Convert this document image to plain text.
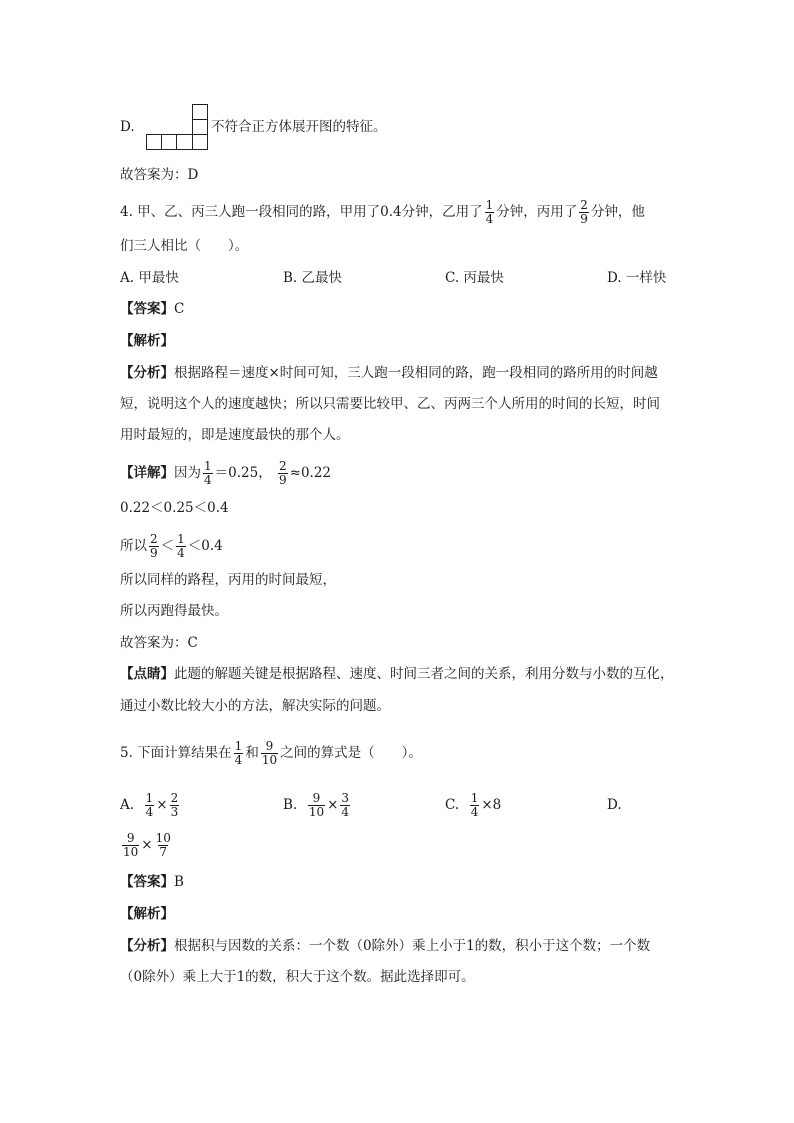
D.	不符合正方体展开图的特征。
故答案为：D
4. 甲、乙、丙三人跑一段相同的路，甲用了0.4分钟，乙用了 $\frac{1}{4}$ 分钟，丙用了 $\frac{2}{9}$ 分钟，他
们三人相比（　　）。
A. 甲最快	B. 乙最快	C. 丙最快	D. 一样快
【答案】C
【解析】
【分析】根据路程＝速度×时间可知，三人跑一段相同的路，跑一段相同的路所用的时间越
短，说明这个人的速度越快；所以只需要比较甲、乙、丙两三个人所用的时间的长短，时间
用时最短的，即是速度最快的那个人。
【详解】因为 $\frac{1}{4} =0.25$， $\frac{2}{9} \approx 0.22$
0.22＜0.25＜0.4
所以 $\frac{2}{9} < \frac{1}{4} <0.4$
所以同样的路程，丙用的时间最短，
所以丙跑得最快。
故答案为：C
【点睛】此题的解题关键是根据路程、速度、时间三者之间的关系，利用分数与小数的互化，
通过小数比较大小的方法，解决实际的问题。
5. 下面计算结果在 $\frac{1}{4}$ 和 $\frac{9}{10}$ 之间的算式是（　　）。
A. $\frac{1}{4} \times \frac{2}{3}$	B. $\frac{9}{10} \times \frac{3}{4}$	C. $\frac{1}{4} \times 8$	D.
$\frac{9}{10} \times \frac{10}{7}$
【答案】B
【解析】
【分析】根据积与因数的关系：一个数（0除外）乘上小于1的数，积小于这个数；一个数
（0除外）乘上大于1的数，积大于这个数。据此选择即可。
